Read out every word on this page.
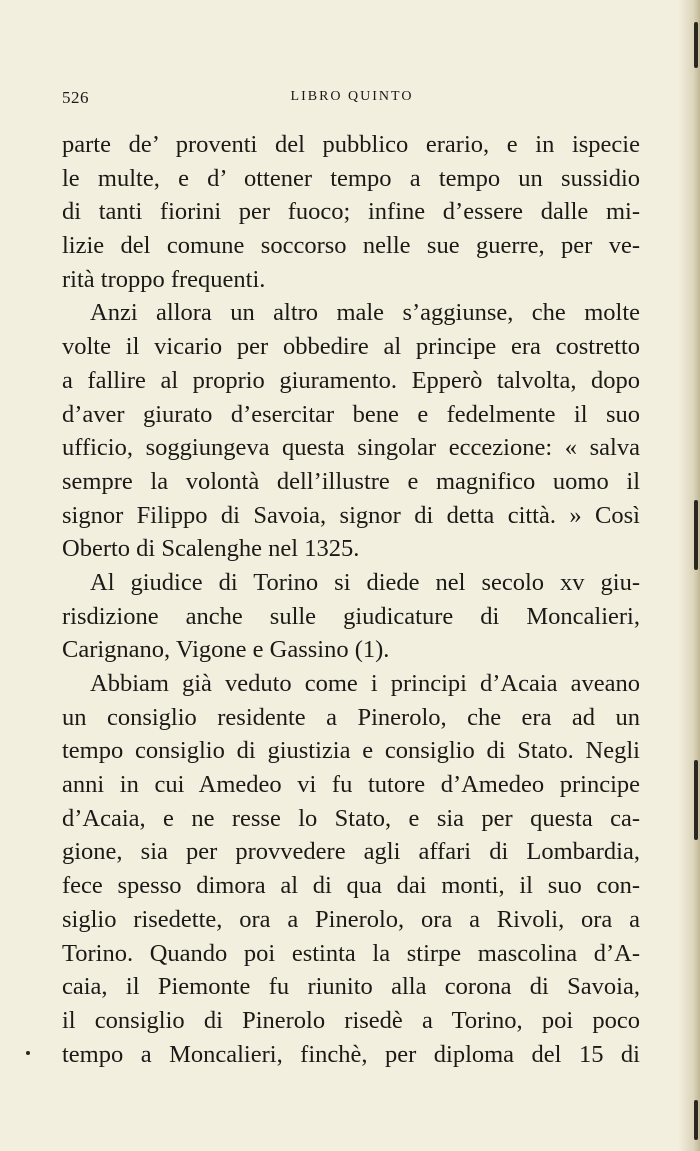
526	LIBRO QUINTO
parte de’ proventi del pubblico erario, e in ispecie
le multe, e d’ ottener tempo a tempo un sussidio
di tanti fiorini per fuoco; infine d’essere dalle mi-
lizie del comune soccorso nelle sue guerre, per ve-
rità troppo frequenti.
Anzi allora un altro male s’aggiunse, che molte
volte il vicario per obbedire al principe era costretto
a fallire al proprio giuramento. Epperò talvolta, dopo
d’aver giurato d’esercitar bene e fedelmente il suo
ufficio, soggiungeva questa singolar eccezione: « salva
sempre la volontà dell’illustre e magnifico uomo il
signor Filippo di Savoia, signor di detta città. » Così
Oberto di Scalenghe nel 1325.
Al giudice di Torino si diede nel secolo xv giu-
risdizione anche sulle giudicature di Moncalieri,
Carignano, Vigone e Gassino (1).
Abbiam già veduto come i principi d’Acaia aveano
un consiglio residente a Pinerolo, che era ad un
tempo consiglio di giustizia e consiglio di Stato. Negli
anni in cui Amedeo vi fu tutore d’Amedeo principe
d’Acaia, e ne resse lo Stato, e sia per questa ca-
gione, sia per provvedere agli affari di Lombardia,
fece spesso dimora al di qua dai monti, il suo con-
siglio risedette, ora a Pinerolo, ora a Rivoli, ora a
Torino. Quando poi estinta la stirpe mascolina d’A-
caia, il Piemonte fu riunito alla corona di Savoia,
il consiglio di Pinerolo risedè a Torino, poi poco
tempo a Moncalieri, finchè, per diploma del 15 di
